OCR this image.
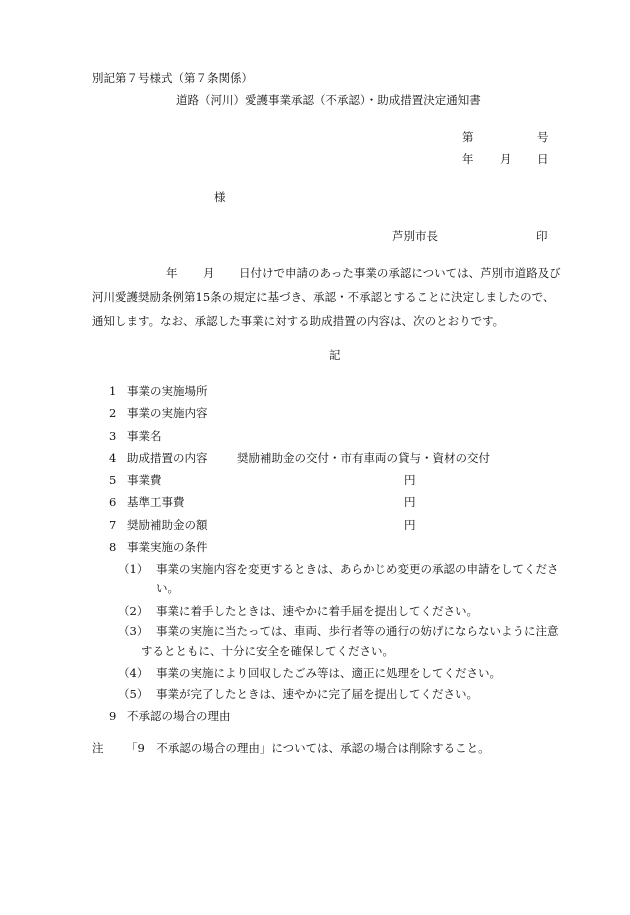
別記第７号様式（第７条関係）
道路（河川）愛護事業承認（不承認）・助成措置決定通知書
第	号
年 月 日
様
芦別市長	印
年 月 日付けで申請のあった事業の承認については、芦別市道路及び
河川愛護奨励条例第15条の規定に基づき、承認・不承認とすることに決定しましたので、
通知します。なお、承認した事業に対する助成措置の内容は、次のとおりです。
記
1 事業の実施場所
2 事業の実施内容
3 事業名
4 助成措置の内容	奨励補助金の交付・市有車両の貸与・資材の交付
5 事業費	円
6 基準工事費	円
7 奨励補助金の額	円
8 事業実施の条件
（1） 事業の実施内容を変更するときは、あらかじめ変更の承認の申請をしてくださ
い。
（2） 事業に着手したときは、速やかに着手届を提出してください。
（3） 事業の実施に当たっては、車両、歩行者等の通行の妨げにならないように注意
するとともに、十分に安全を確保してください。
（4） 事業の実施により回収したごみ等は、適正に処理をしてください。
（5） 事業が完了したときは、速やかに完了届を提出してください。
9 不承認の場合の理由
注 「9　不承認の場合の理由」については、承認の場合は削除すること。
